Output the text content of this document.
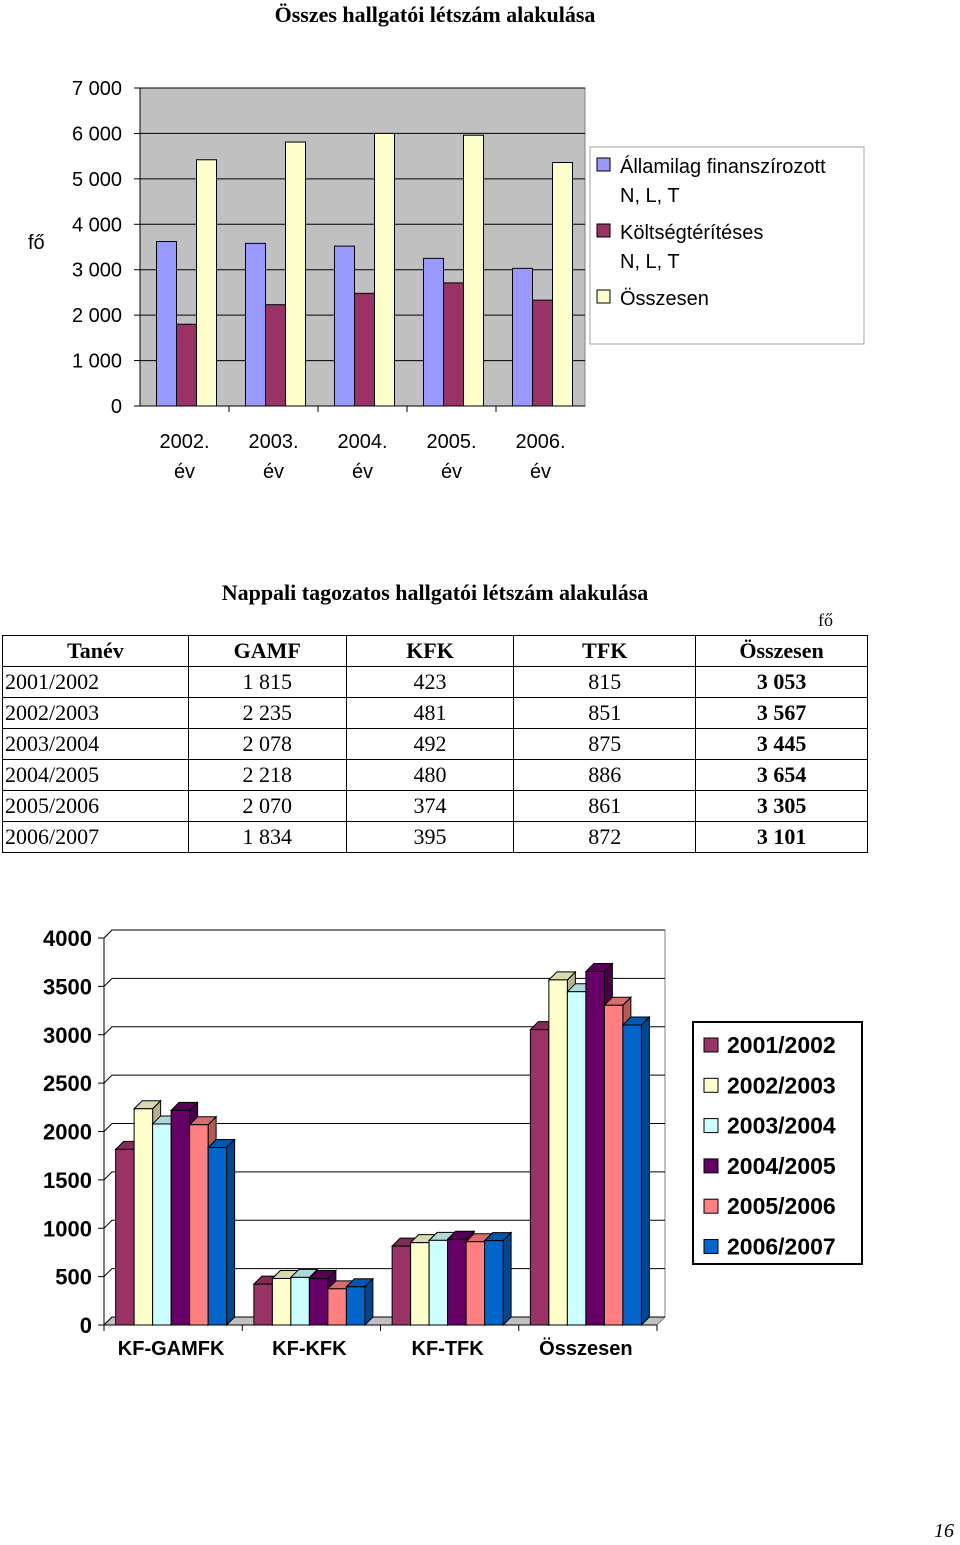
Összes hallgatói létszám alakulása
fő
0
1 000
2 000
3 000
4 000
5 000
6 000
7 000
2002. év
2003. év
2004. év
2005. év
2006. év
Államilag finanszírozott N, L, T
Költségtérítéses N, L, T
Összesen
Nappali tagozatos hallgatói létszám alakulása
fő
Tanév	GAMF	KFK	TFK	Összesen
2001/2002	1 815	423	815	3 053
2002/2003	2 235	481	851	3 567
2003/2004	2 078	492	875	3 445
2004/2005	2 218	480	886	3 654
2005/2006	2 070	374	861	3 305
2006/2007	1 834	395	872	3 101
0
500
1000
1500
2000
2500
3000
3500
4000
KF-GAMFK KF-KFK	KF-TFK	Összesen
2001/2002
2002/2003
2003/2004
2004/2005
2005/2006
2006/2007
16
